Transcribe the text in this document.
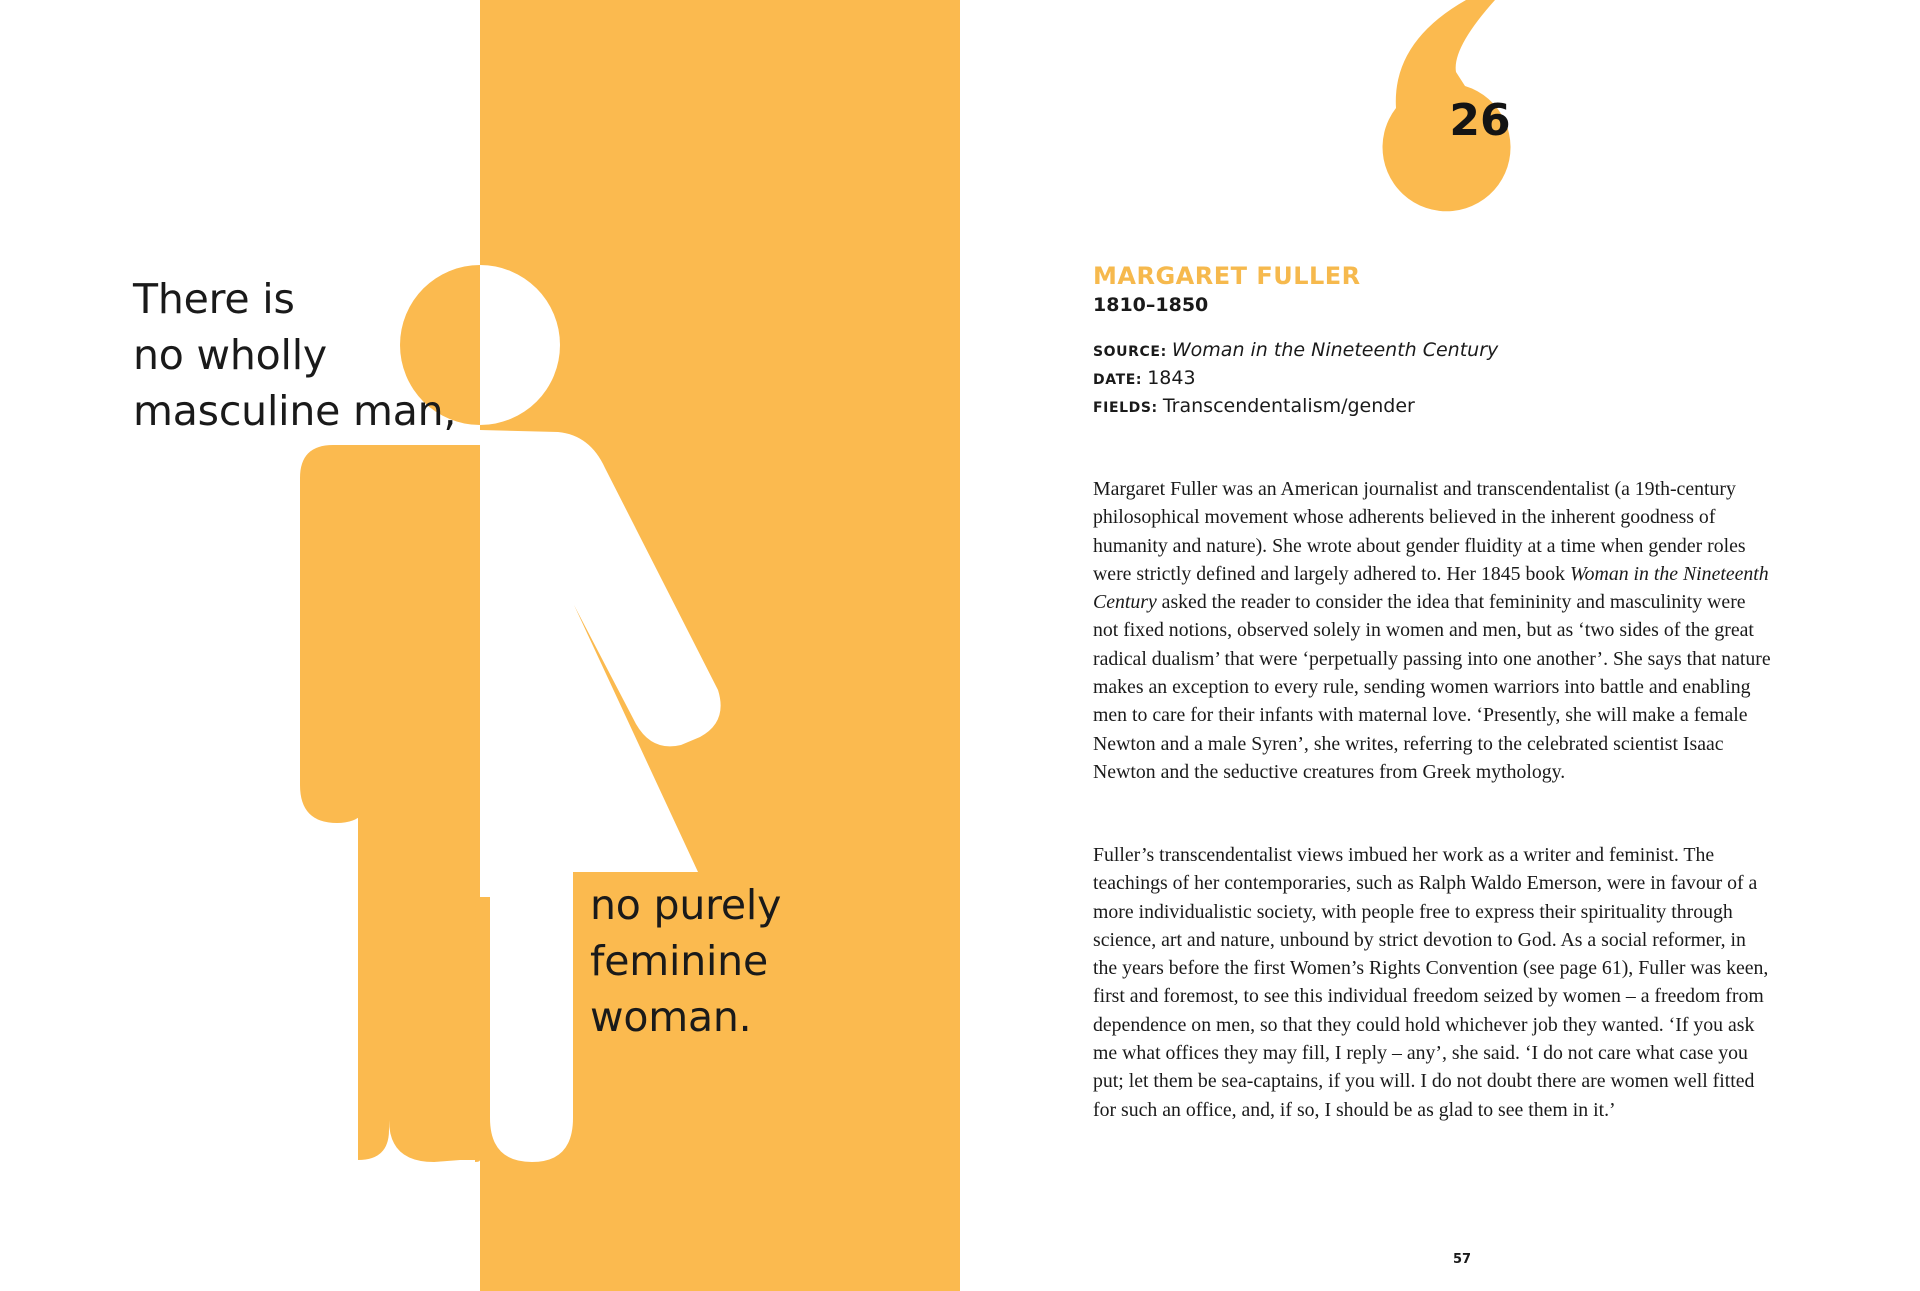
There is

no wholly

masculine man,

no purely

feminine

woman.

26
MARGARET FULLER

1810–1850

SOURCE: Woman in the Nineteenth Century
DATE: 1843
FIELDS: Transcendentalism/gender

Margaret Fuller was an American journalist and transcendentalist (a 19th-century philosophical movement whose adherents believed in the inherent goodness of humanity and nature). She wrote about gender fluidity at a time when gender roles were strictly defined and largely adhered to. Her 1845 book Woman in the Nineteenth Century asked the reader to consider the idea that femininity and masculinity were not fixed notions, observed solely in women and men, but as ‘two sides of the great radical dualism’ that were ‘perpetually passing into one another’. She says that nature makes an exception to every rule, sending women warriors into battle and enabling men to care for their infants with maternal love. ‘Presently, she will make a female Newton and a male Syren’, she writes, referring to the celebrated scientist Isaac Newton and the seductive creatures from Greek mythology.

Fuller’s transcendentalist views imbued her work as a writer and feminist. The teachings of her contemporaries, such as Ralph Waldo Emerson, were in favour of a more individualistic society, with people free to express their spirituality through science, art and nature, unbound by strict devotion to God. As a social reformer, in the years before the first Women’s Rights Convention (see page 61), Fuller was keen, first and foremost, to see this individual freedom seized by women – a freedom from dependence on men, so that they could hold whichever job they wanted. ‘If you ask me what offices they may fill, I reply – any’, she said. ‘I do not care what case you put; let them be sea-captains, if you will. I do not doubt there are women well fitted for such an office, and, if so, I should be as glad to see them in it.’

57
